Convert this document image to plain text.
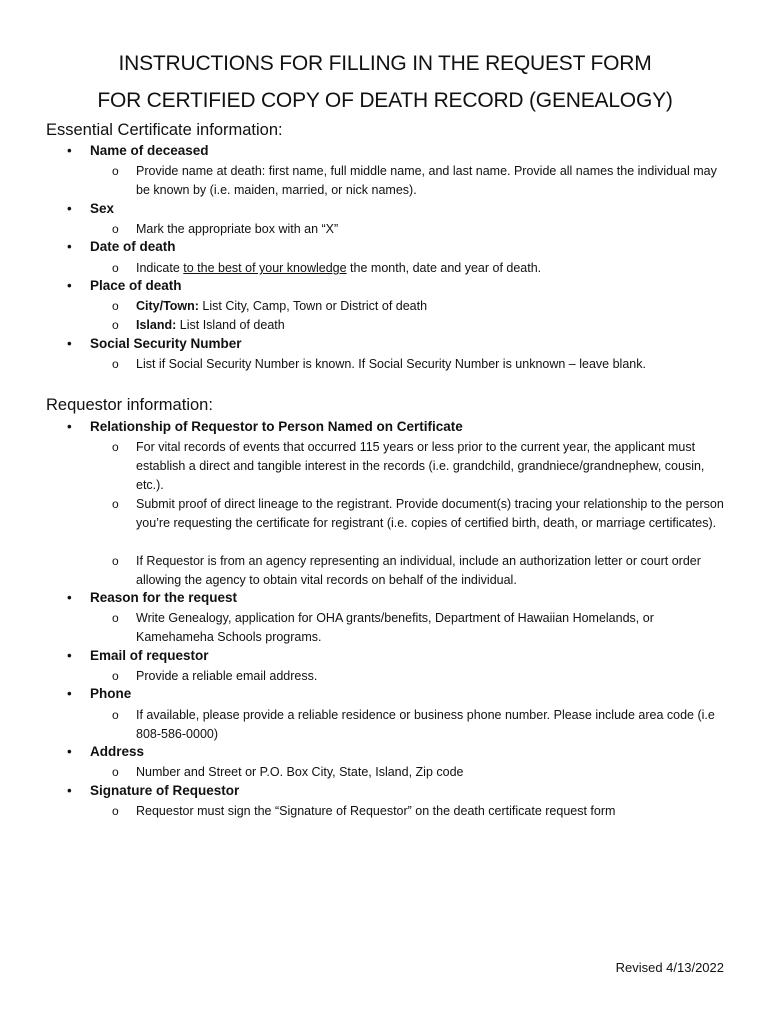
INSTRUCTIONS FOR FILLING IN THE REQUEST FORM
FOR CERTIFIED COPY OF DEATH RECORD (GENEALOGY)
Essential Certificate information:
• Name of deceased
o Provide name at death: first name, full middle name, and last name. Provide all names the individual may be known by (i.e. maiden, married, or nick names).
• Sex
o Mark the appropriate box with an “X”
• Date of death
o Indicate to the best of your knowledge the month, date and year of death.
• Place of death
o City/Town: List City, Camp, Town or District of death
o Island: List Island of death
• Social Security Number
o List if Social Security Number is known. If Social Security Number is unknown – leave blank.
Requestor information:
• Relationship of Requestor to Person Named on Certificate
o For vital records of events that occurred 115 years or less prior to the current year, the applicant must establish a direct and tangible interest in the records (i.e. grandchild, grandniece/grandnephew, cousin, etc.).
o Submit proof of direct lineage to the registrant. Provide document(s) tracing your relationship to the person you’re requesting the certificate for registrant (i.e. copies of certified birth, death, or marriage certificates).
o If Requestor is from an agency representing an individual, include an authorization letter or court order allowing the agency to obtain vital records on behalf of the individual.
• Reason for the request
o Write Genealogy, application for OHA grants/benefits, Department of Hawaiian Homelands, or Kamehameha Schools programs.
• Email of requestor
o Provide a reliable email address.
• Phone
o If available, please provide a reliable residence or business phone number. Please include area code (i.e 808-586-0000)
• Address
o Number and Street or P.O. Box City, State, Island, Zip code
• Signature of Requestor
o Requestor must sign the “Signature of Requestor” on the death certificate request form
Revised 4/13/2022
